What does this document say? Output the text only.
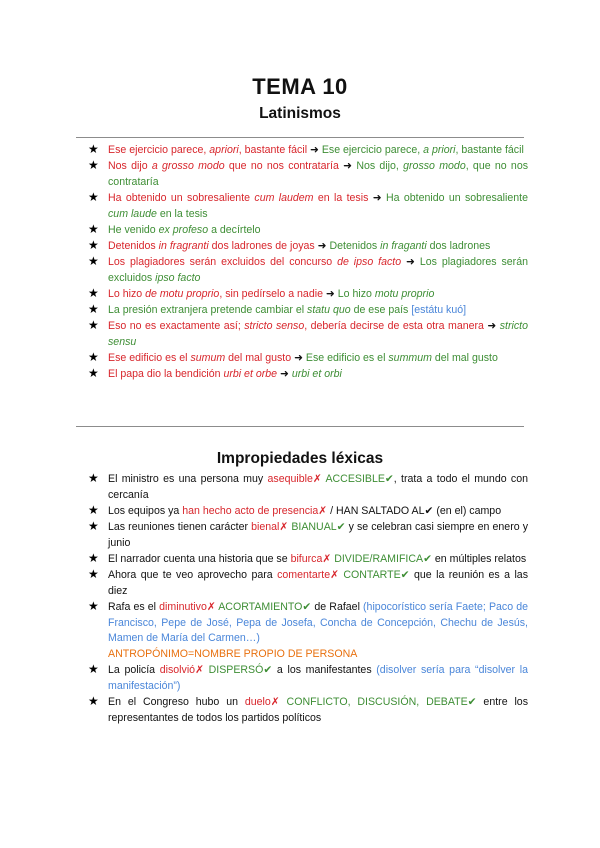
TEMA 10
Latinismos
★ Ese ejercicio parece, apriori, bastante fácil ➜ Ese ejercicio parece, a priori, bastante fácil
★ Nos dijo a grosso modo que no nos contrataría ➜ Nos dijo, grosso modo, que no nos contrataría
★ Ha obtenido un sobresaliente cum laudem en la tesis ➜ Ha obtenido un sobresaliente cum laude en la tesis
★ He venido ex profeso a decírtelo
★ Detenidos in fragranti dos ladrones de joyas ➜ Detenidos in fraganti dos ladrones
★ Los plagiadores serán excluidos del concurso de ipso facto ➜ Los plagiadores serán excluidos ipso facto
★ Lo hizo de motu proprio, sin pedírselo a nadie ➜ Lo hizo motu proprio
★ La presión extranjera pretende cambiar el statu quo de ese país [estátu kuó]
★ Eso no es exactamente así; stricto senso, debería decirse de esta otra manera ➜ stricto sensu
★ Ese edificio es el sumum del mal gusto ➜ Ese edificio es el summum del mal gusto
★ El papa dio la bendición urbi et orbe ➜ urbi et orbi
Impropiedades léxicas
★ El ministro es una persona muy asequible✗ ACCESIBLE✔, trata a todo el mundo con cercanía
★ Los equipos ya han hecho acto de presencia✗ / HAN SALTADO AL✔ (en el) campo
★ Las reuniones tienen carácter bienal✗ BIANUAL✔ y se celebran casi siempre en enero y junio
★ El narrador cuenta una historia que se bifurca✗ DIVIDE/RAMIFICA✔ en múltiples relatos
★ Ahora que te veo aprovecho para comentarte✗ CONTARTE✔ que la reunión es a las diez
★ Rafa es el diminutivo✗ ACORTAMIENTO✔ de Rafael (hipocorístico sería Faete; Paco de Francisco, Pepe de José, Pepa de Josefa, Concha de Concepción, Chechu de Jesús, Mamen de María del Carmen…)
ANTROPÓNIMO=NOMBRE PROPIO DE PERSONA
★ La policía disolvió✗ DISPERSÓ✔ a los manifestantes (disolver sería para “disolver la manifestación”)
★ En el Congreso hubo un duelo✗ CONFLICTO, DISCUSIÓN, DEBATE✔ entre los representantes de todos los partidos políticos
